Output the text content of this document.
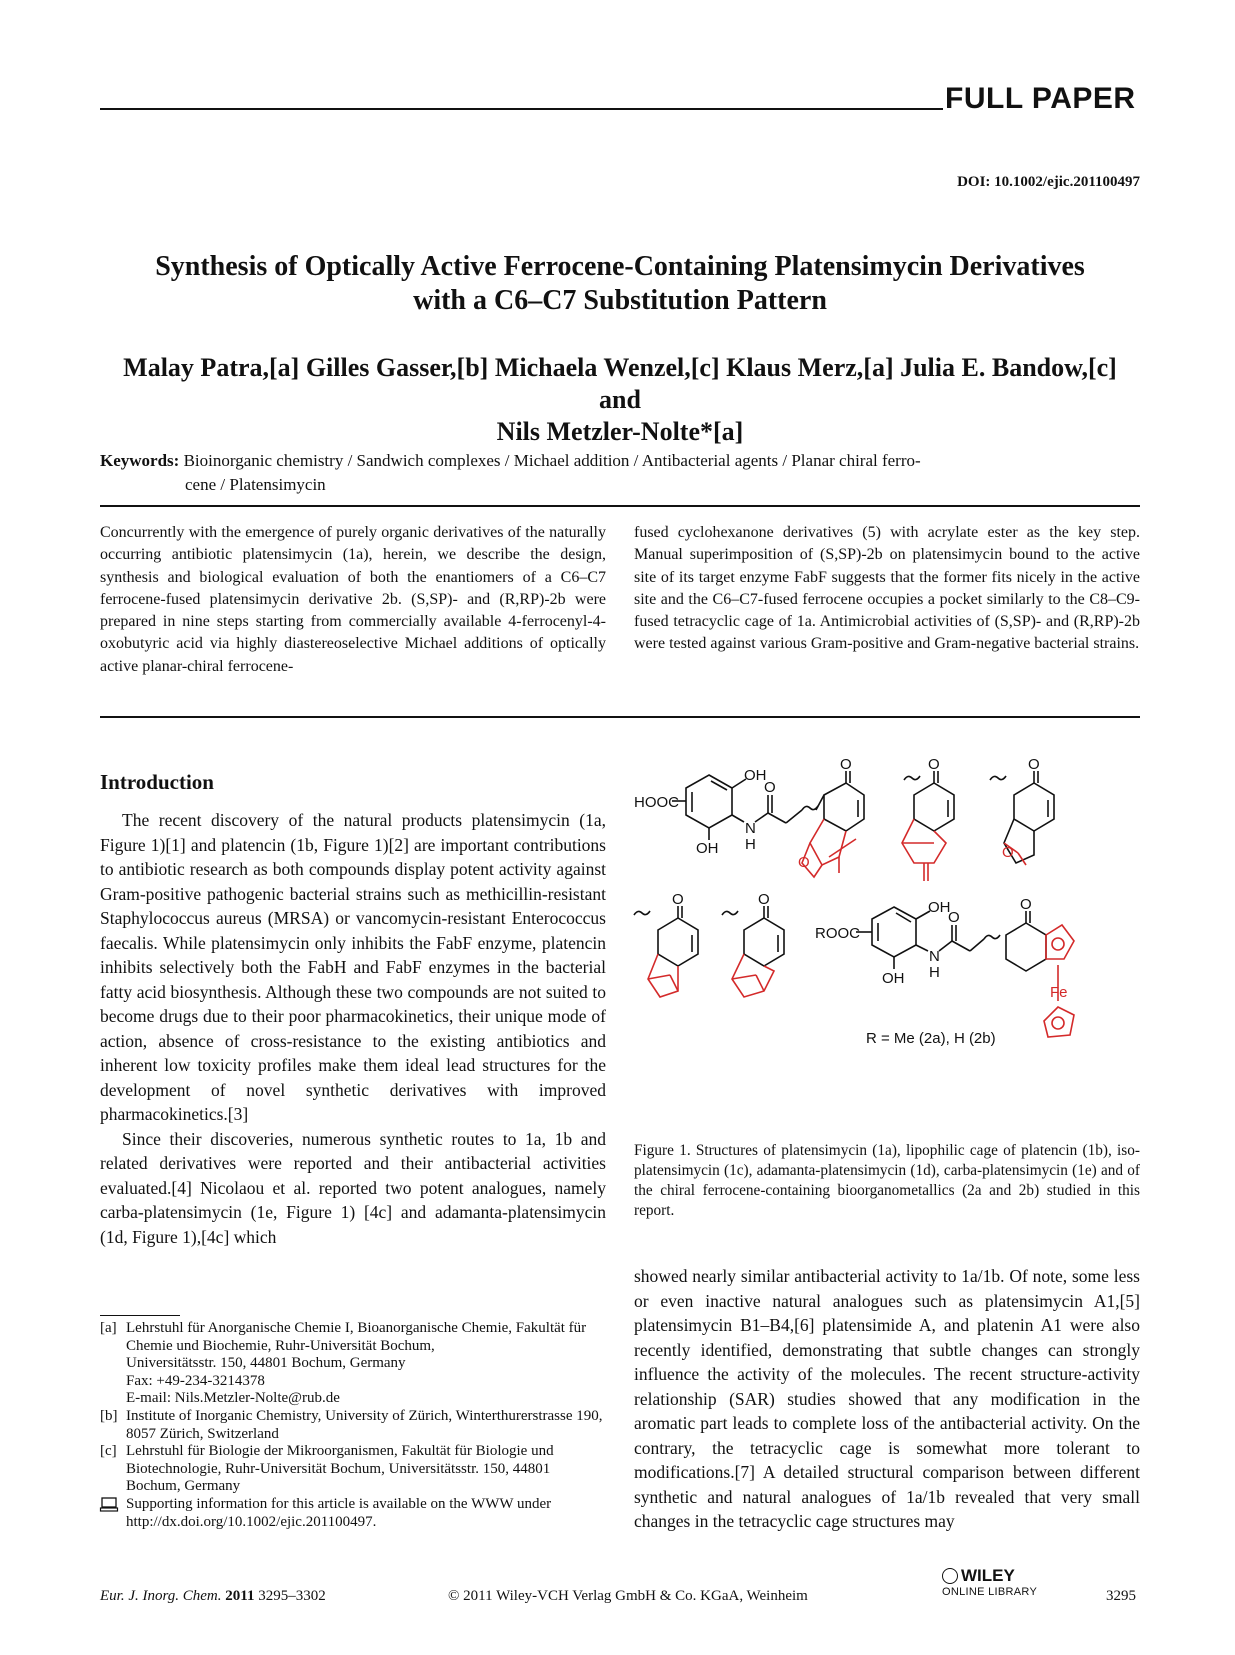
FULL PAPER
DOI: 10.1002/ejic.201100497
Synthesis of Optically Active Ferrocene-Containing Platensimycin Derivatives
with a C6–C7 Substitution Pattern
Malay Patra,[a] Gilles Gasser,[b] Michaela Wenzel,[c] Klaus Merz,[a] Julia E. Bandow,[c] and
Nils Metzler-Nolte*[a]
Keywords: Bioinorganic chemistry / Sandwich complexes / Michael addition / Antibacterial agents / Planar chiral ferro-
cene / Platensimycin
Concurrently with the emergence of purely organic derivatives of the naturally occurring antibiotic platensimycin (1a), herein, we describe the design, synthesis and biological evaluation of both the enantiomers of a C6–C7 ferrocene-fused platensimycin derivative 2b. (S,SP)- and (R,RP)-2b were prepared in nine steps starting from commercially available 4-ferrocenyl-4-oxobutyric acid via highly diastereoselective Michael additions of optically active planar-chiral ferrocene-
fused cyclohexanone derivatives (5) with acrylate ester as the key step. Manual superimposition of (S,SP)-2b on platensimycin bound to the active site of its target enzyme FabF suggests that the former fits nicely in the active site and the C6–C7-fused ferrocene occupies a pocket similarly to the C8–C9-fused tetracyclic cage of 1a. Antimicrobial activities of (S,SP)- and (R,RP)-2b were tested against various Gram-positive and Gram-negative bacterial strains.
Introduction

The recent discovery of the natural products platensimycin (1a, Figure 1)[1] and platencin (1b, Figure 1)[2] are important contributions to antibiotic research as both compounds display potent activity against Gram-positive pathogenic bacterial strains such as methicillin-resistant Staphylococcus aureus (MRSA) or vancomycin-resistant Enterococcus faecalis. While platensimycin only inhibits the FabF enzyme, platencin inhibits selectively both the FabH and FabF enzymes in the bacterial fatty acid biosynthesis. Although these two compounds are not suited to become drugs due to their poor pharmacokinetics, their unique mode of action, absence of cross-resistance to the existing antibiotics and inherent low toxicity profiles make them ideal lead structures for the development of novel synthetic derivatives with improved pharmacokinetics.[3]

Since their discoveries, numerous synthetic routes to 1a, 1b and related derivatives were reported and their antibacterial activities evaluated.[4] Nicolaou et al. reported two potent analogues, namely carba-platensimycin (1e, Figure 1) [4c] and adamanta-platensimycin (1d, Figure 1),[4c] which

[a] Lehrstuhl für Anorganische Chemie I, Bioanorganische Chemie, Fakultät für Chemie und Biochemie, Ruhr-Universität Bochum,
Universitätsstr. 150, 44801 Bochum, Germany
Fax: +49-234-3214378
E-mail: Nils.Metzler-Nolte@rub.de
[b] Institute of Inorganic Chemistry, University of Zürich, Winterthurerstrasse 190, 8057 Zürich, Switzerland
[c] Lehrstuhl für Biologie der Mikroorganismen, Fakultät für Biologie und Biotechnologie, Ruhr-Universität Bochum, Universitätsstr. 150, 44801 Bochum, Germany
Supporting information for this article is available on the WWW under http://dx.doi.org/10.1002/ejic.201100497.
OH
HOOC
OH
N
H
O
O
O
O	O
O
O	O	OH
ROOC
OH
N
H
O
O
Fe
1a	1b	1c
1d	1e	R = Me (2a), H (2b)
Figure 1. Structures of platensimycin (1a), lipophilic cage of platencin (1b), iso-platensimycin (1c), adamanta-platensimycin (1d), carba-platensimycin (1e) and of the chiral ferrocene-containing bioorganometallics (2a and 2b) studied in this report.
showed nearly similar antibacterial activity to 1a/1b. Of note, some less or even inactive natural analogues such as platensimycin A1,[5] platensimycin B1–B4,[6] platensimide A, and platenin A1 were also recently identified, demonstrating that subtle changes can strongly influence the activity of the molecules. The recent structure-activity relationship (SAR) studies showed that any modification in the aromatic part leads to complete loss of the antibacterial activity. On the contrary, the tetracyclic cage is somewhat more tolerant to modifications.[7] A detailed structural comparison between different synthetic and natural analogues of 1a/1b revealed that very small changes in the tetracyclic cage structures may
Eur. J. Inorg. Chem. 2011 3295–3302	© 2011 Wiley-VCH Verlag GmbH & Co. KGaA, Weinheim
WILEY
ONLINE LIBRARY	3295
